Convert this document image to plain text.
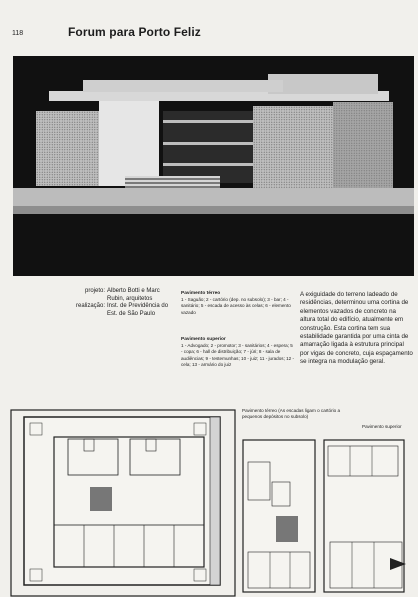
118	Forum para Porto Feliz
projeto: Alberto Botti e Marc Rubin, arquitetos
realização: Inst. de Previdência do Est. de São Paulo
Pavimento térreo
1 - Saguão; 2 - cartório (dep. no subsolo); 3 - bar; 4 - sanitário; 5 - escada de acesso às celas; 6 - elemento vazado
Pavimento superior
1 - Advogado; 2 - promotor; 3 - sanitários; 4 - espera; 5 - copa; 6 - hall de distribuição; 7 - júri; 8 - sala de audiências; 9 - testemunhas; 10 - juiz; 11 - jurados; 12 - cela; 13 - armário do juiz
A exiguidade do terreno ladeado de residências, determinou uma cortina de elementos vazados de concreto na altura total do edifício, atualmente em construção. Esta cortina tem sua estabilidade garantida por uma cinta de amarração ligada à estrutura principal por vigas de concreto, cuja espaçamento se integra na modulação geral.
Pavimento térreo (As escadas ligam o cartório a pequenos depósitos no subsolo)
Pavimento superior
